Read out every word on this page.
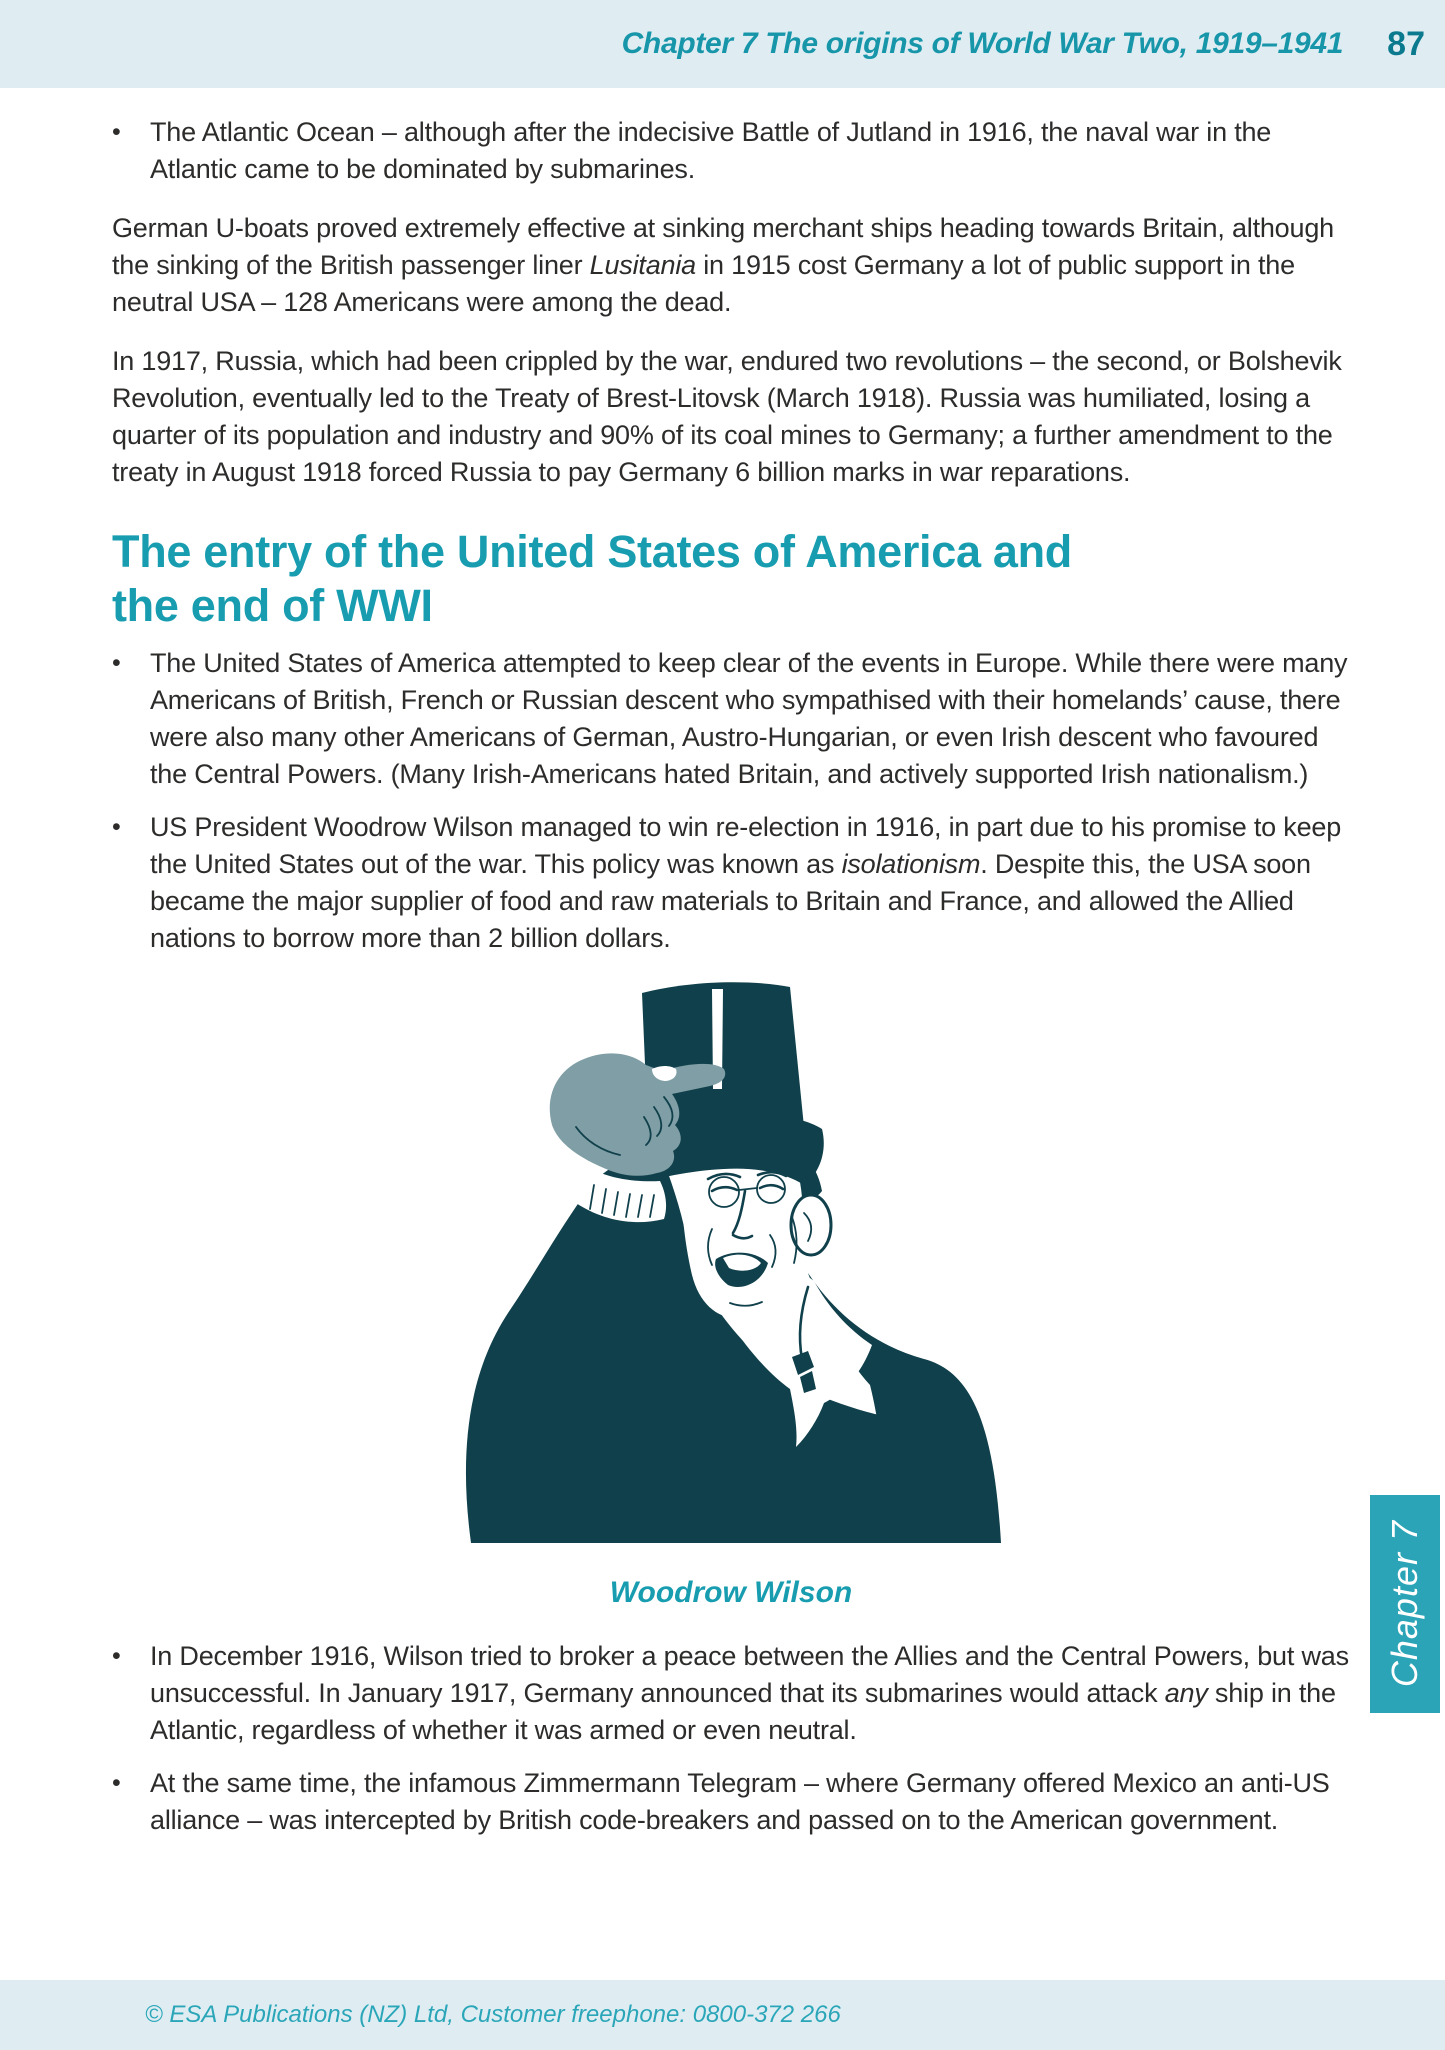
Chapter 7 The origins of World War Two, 1919–1941 87
•	The Atlantic Ocean – although after the indecisive Battle of Jutland in 1916, the naval war in the Atlantic came to be dominated by submarines.

German U-boats proved extremely effective at sinking merchant ships heading towards Britain, although the sinking of the British passenger liner Lusitania in 1915 cost Germany a lot of public support in the neutral USA – 128 Americans were among the dead.

In 1917, Russia, which had been crippled by the war, endured two revolutions – the second, or Bolshevik Revolution, eventually led to the Treaty of Brest-Litovsk (March 1918). Russia was humiliated, losing a quarter of its population and industry and 90% of its coal mines to Germany; a further amendment to the treaty in August 1918 forced Russia to pay Germany 6 billion marks in war reparations.

The entry of the United States of America and
the end of WWI
•	The United States of America attempted to keep clear of the events in Europe. While there were many Americans of British, French or Russian descent who sympathised with their homelands’ cause, there were also many other Americans of German, Austro-Hungarian, or even Irish descent who favoured the Central Powers. (Many Irish-Americans hated Britain, and actively supported Irish nationalism.)

•	US President Woodrow Wilson managed to win re-election in 1916, in part due to his promise to keep the United States out of the war. This policy was known as isolationism. Despite this, the USA soon became the major supplier of food and raw materials to Britain and France, and allowed the Allied nations to borrow more than 2 billion dollars.

Woodrow Wilson
•	In December 1916, Wilson tried to broker a peace between the Allies and the Central Powers, but was unsuccessful. In January 1917, Germany announced that its submarines would attack any ship in the Atlantic, regardless of whether it was armed or even neutral.

•	At the same time, the infamous Zimmermann Telegram – where Germany offered Mexico an anti-US alliance – was intercepted by British code-breakers and passed on to the American government.

Chapter 7
© ESA Publications (NZ) Ltd, Customer freephone: 0800-372 266
